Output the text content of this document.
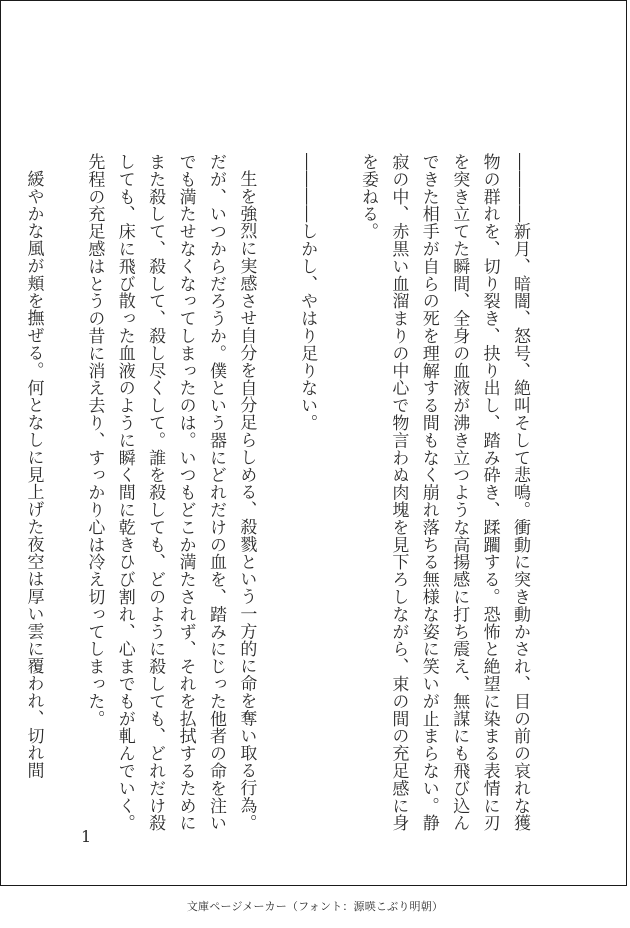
――――新月、暗闇、怒号、絶叫そして悲鳴。衝動に突き動かされ、目の前の哀れな獲物の群れを、切り裂き、抉り出し、踏み砕き、蹂躙する。恐怖と絶望に染まる表情に刃を突き立てた瞬間、全身の血液が沸き立つような高揚感に打ち震え、無謀にも飛び込んできた相手が自らの死を理解する間もなく崩れ落ちる無様な姿に笑いが止まらない。静寂の中、赤黒い血溜まりの中心で物言わぬ肉塊を見下ろしながら、束の間の充足感に身を委ねる。

――――しかし、やはり足りない。

生を強烈に実感させ自分を自分足らしめる、殺戮という一方的に命を奪い取る行為。だが、いつからだろうか。僕という器にどれだけの血を、踏みにじった他者の命を注いでも満たせなくなってしまったのは。いつもどこか満たされず、それを払拭するためにまた殺して、殺して、殺し尽くして。誰を殺しても、どのように殺しても、どれだけ殺しても、床に飛び散った血液のように瞬く間に乾きひび割れ、心までもが軋んでいく。先程の充足感はとうの昔に消え去り、すっかり心は冷え切ってしまった。

緩やかな風が頬を撫ぜる。何となしに見上げた夜空は厚い雲に覆われ、切れ間

1
文庫ページメーカー（フォント：源暎こぶり明朝）
